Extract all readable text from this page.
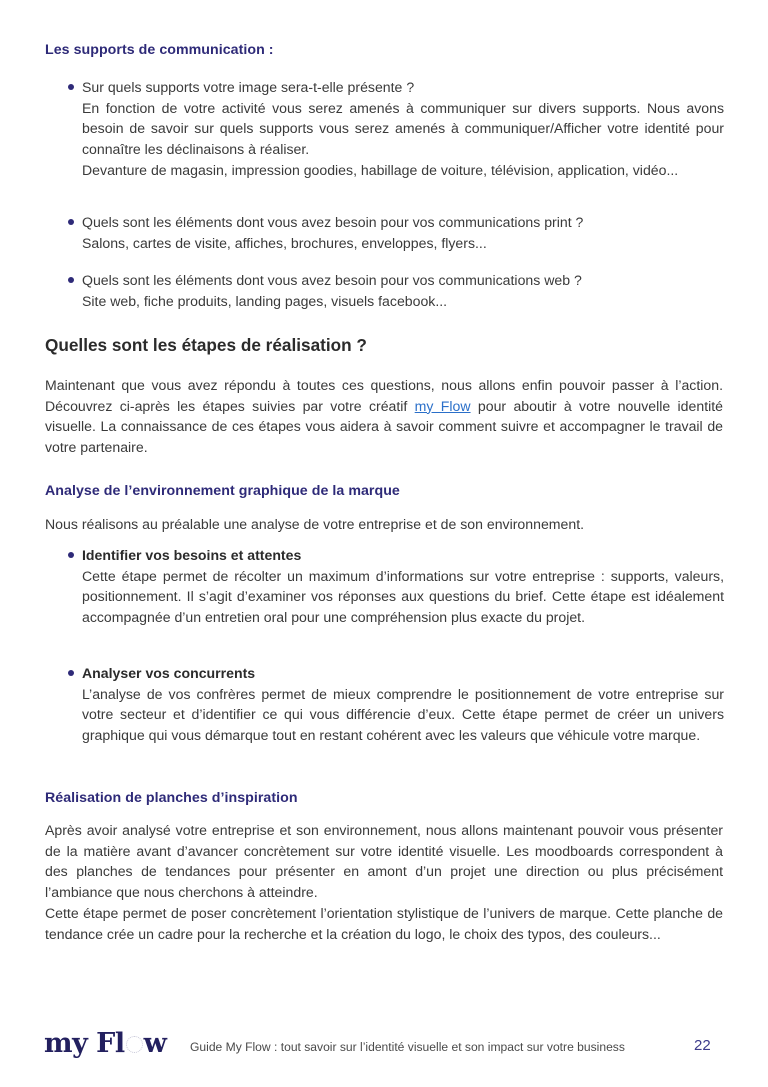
Les supports de communication :
Sur quels supports votre image sera-t-elle présente ?
En fonction de votre activité vous serez amenés à communiquer sur divers supports. Nous avons besoin de savoir sur quels supports vous serez amenés à communiquer/Afficher votre identité pour connaître les déclinaisons à réaliser.
Devanture de magasin, impression goodies, habillage de voiture, télévision, application, vidéo...
Quels sont les éléments dont vous avez besoin pour vos communications print ?
Salons, cartes de visite, affiches, brochures, enveloppes, flyers...
Quels sont les éléments dont vous avez besoin pour vos communications web ?
Site web, fiche produits, landing pages, visuels facebook...
Quelles sont les étapes de réalisation ?

Maintenant que vous avez répondu à toutes ces questions, nous allons enfin pouvoir passer à l’action. Découvrez ci-après les étapes suivies par votre créatif my Flow pour aboutir à votre nouvelle identité visuelle. La connaissance de ces étapes vous aidera à savoir comment suivre et accompagner le travail de votre partenaire.

Analyse de l’environnement graphique de la marque

Nous réalisons au préalable une analyse de votre entreprise et de son environnement.

Identifier vos besoins et attentes
Cette étape permet de récolter un maximum d’informations sur votre entreprise : supports, valeurs, positionnement. Il s’agit d’examiner vos réponses aux questions du brief. Cette étape est idéalement accompagnée d’un entretien oral pour une compréhension plus exacte du projet.
Analyser vos concurrents
L’analyse de vos confrères permet de mieux comprendre le positionnement de votre entreprise sur votre secteur et d’identifier ce qui vous différencie d’eux. Cette étape permet de créer un univers graphique qui vous démarque tout en restant cohérent avec les valeurs que véhicule votre marque.
Réalisation de planches d’inspiration

Après avoir analysé votre entreprise et son environnement, nous allons maintenant pouvoir vous présenter de la matière avant d’avancer concrètement sur votre identité visuelle. Les moodboards correspondent à des planches de tendances pour présenter en amont d’un projet une direction ou plus précisément l’ambiance que nous cherchons à atteindre.

Cette étape permet de poser concrètement l’orientation stylistique de l’univers de marque. Cette planche de tendance crée un cadre pour la recherche et la création du logo, le choix des typos, des couleurs...

my Fl w Guide My Flow : tout savoir sur l’identité visuelle et son impact sur votre business	22
